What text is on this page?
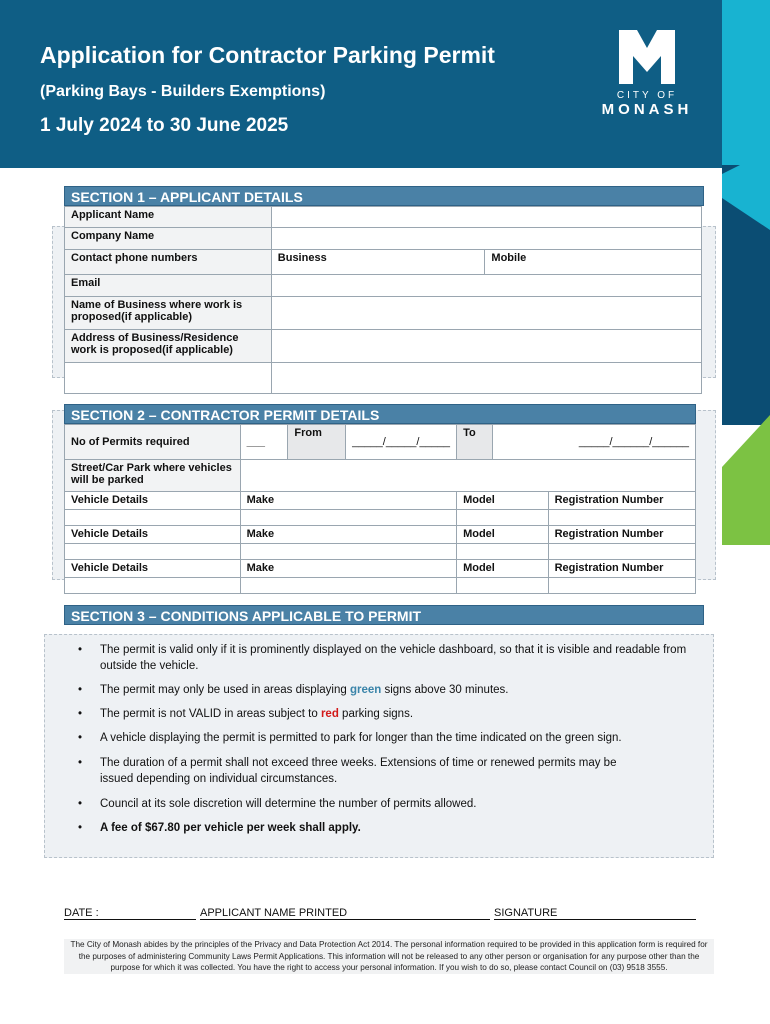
Application for Contractor Parking Permit
(Parking Bays - Builders Exemptions)
1 July 2024 to 30 June 2025
CITY OF
MONASH
SECTION 1 – APPLICANT DETAILS
Applicant Name		
Company Name		
Contact phone numbers	Business	Mobile
Email		
Name of Business where work is proposed(if applicable)		
Address of Business/Residence work is proposed(if applicable)		

SECTION 2 – CONTRACTOR PERMIT DETAILS
No of Permits required	___	From	_____/_____/_____	To	_____/______/______	
Street/Car Park where vehicles will be parked						
Vehicle Details	Make			Model		Registration Number

Vehicle Details	Make			Model		Registration Number

Vehicle Details	Make			Model		Registration Number

SECTION 3 – CONDITIONS APPLICABLE TO PERMIT
• The permit is valid only if it is prominently displayed on the vehicle dashboard, so that it is visible and readable from outside the vehicle.
• The permit may only be used in areas displaying green signs above 30 minutes.
• The permit is not VALID in areas subject to red parking signs.
• A vehicle displaying the permit is permitted to park for longer than the time indicated on the green sign.
• The duration of a permit shall not exceed three weeks. Extensions of time or renewed permits may be issued depending on individual circumstances.
• Council at its sole discretion will determine the number of permits allowed.
• A fee of $67.80 per vehicle per week shall apply.
DATE :	APPLICANT NAME PRINTED	SIGNATURE
The City of Monash abides by the principles of the Privacy and Data Protection Act 2014. The personal information required to be provided in this application form is required for the purposes of administering Community Laws Permit Applications. This information will not be released to any other person or organisation for any purpose other than the purpose for which it was collected. You have the right to access your personal information. If you wish to do so, please contact Council on (03) 9518 3555.
